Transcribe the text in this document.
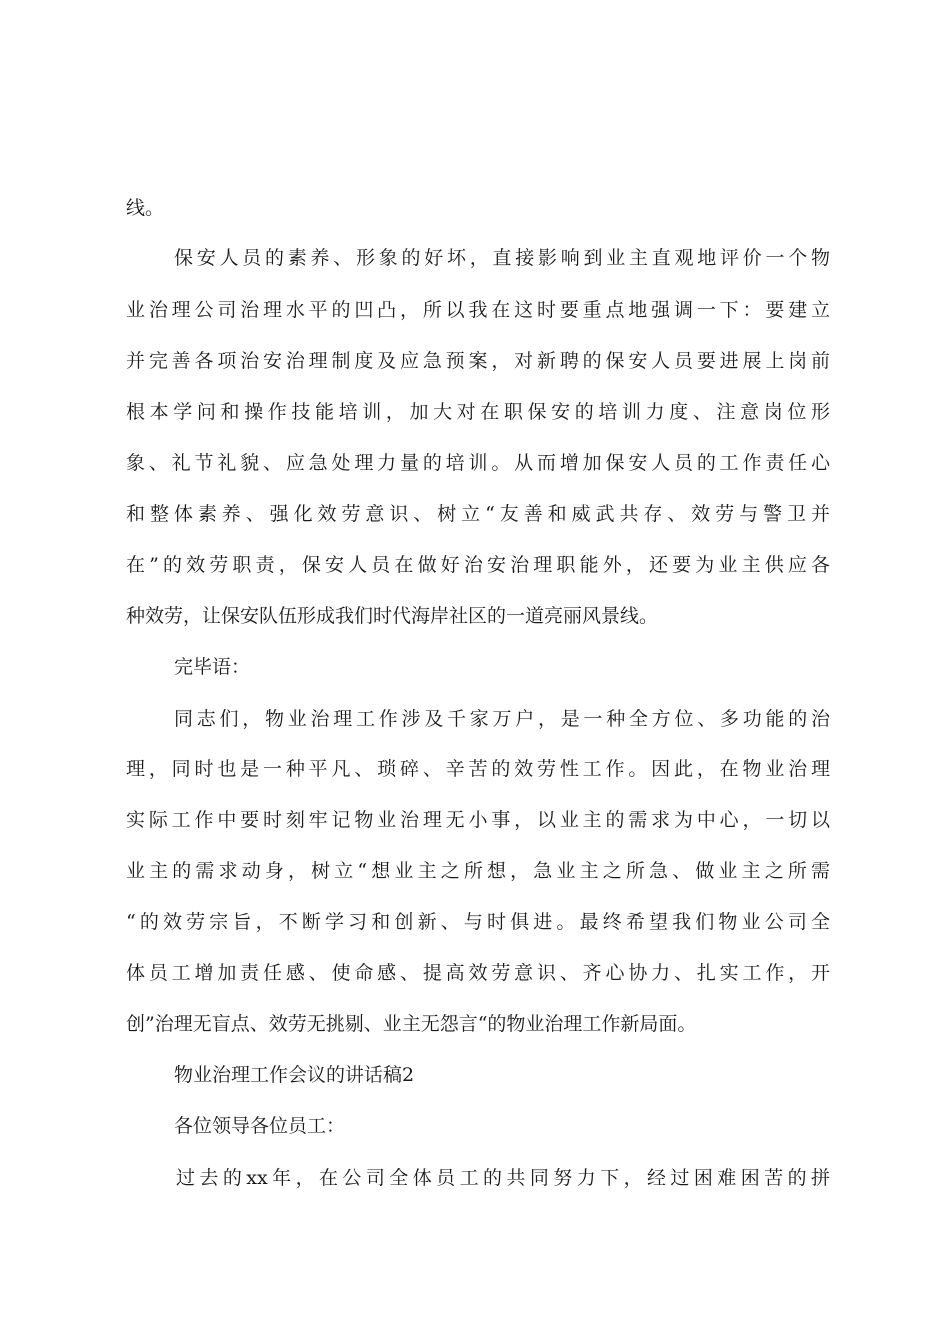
线。
保安人员的素养、形象的好坏，直接影响到业主直观地评价一个物
业治理公司治理水平的凹凸，所以我在这时要重点地强调一下：要建立
并完善各项治安治理制度及应急预案，对新聘的保安人员要进展上岗前
根本学问和操作技能培训，加大对在职保安的培训力度、注意岗位形
象、礼节礼貌、应急处理力量的培训。从而增加保安人员的工作责任心
和整体素养、强化效劳意识、树立“友善和威武共存、效劳与警卫并
在”的效劳职责，保安人员在做好治安治理职能外，还要为业主供应各
种效劳，让保安队伍形成我们时代海岸社区的一道亮丽风景线。
完毕语：
同志们，物业治理工作涉及千家万户，是一种全方位、多功能的治
理，同时也是一种平凡、琐碎、辛苦的效劳性工作。因此，在物业治理
实际工作中要时刻牢记物业治理无小事，以业主的需求为中心，一切以
业主的需求动身，树立“想业主之所想，急业主之所急、做业主之所需
“的效劳宗旨，不断学习和创新、与时俱进。最终希望我们物业公司全
体员工增加责任感、使命感、提高效劳意识、齐心协力、扎实工作，开
创”治理无盲点、效劳无挑剔、业主无怨言“的物业治理工作新局面。
物业治理工作会议的讲话稿2
各位领导各位员工：
过去的xx年，在公司全体员工的共同努力下，经过困难困苦的拼
